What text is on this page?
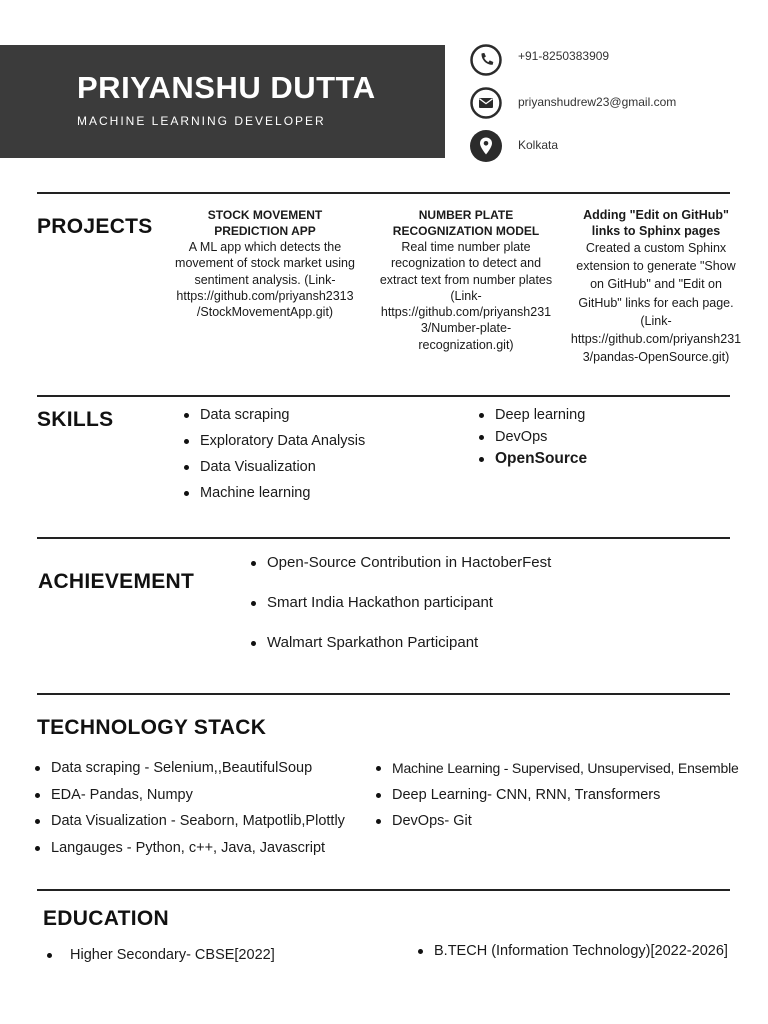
PRIYANSHU DUTTA
MACHINE LEARNING DEVELOPER
+91-8250383909
priyanshudrew23@gmail.com
Kolkata
PROJECTS	STOCK MOVEMENT PREDICTION APP
A ML app which detects the movement of stock market using sentiment analysis. (Link- https://github.com/priyansh2313/StockMovementApp.git)
NUMBER PLATE RECOGNIZATION MODEL
Real time number plate recognization to detect and extract text from number plates (Link- https://github.com/priyansh2313/Number-plate-recognization.git)
Adding "Edit on GitHub" links to Sphinx pages
Created a custom Sphinx extension to generate "Show on GitHub" and "Edit on GitHub" links for each page.(Link- https://github.com/priyansh2313/pandas-OpenSource.git)
SKILLS	Data scraping
Exploratory Data Analysis
Data Visualization
Machine learning
Deep learning
DevOps
OpenSource
ACHIEVEMENT
Open-Source Contribution in HactoberFest
Smart India Hackathon participant
Walmart Sparkathon Participant
TECHNOLOGY STACK
Data scraping - Selenium,,BeautifulSoup
EDA- Pandas, Numpy
Data Visualization - Seaborn, Matpotlib,Plottly
Langauges - Python, c++, Java, Javascript
Machine Learning - Supervised, Unsupervised, Ensemble
Deep Learning- CNN, RNN, Transformers
DevOps- Git
EDUCATION
Higher Secondary- CBSE[2022]	B.TECH (Information Technology)[2022-2026]
